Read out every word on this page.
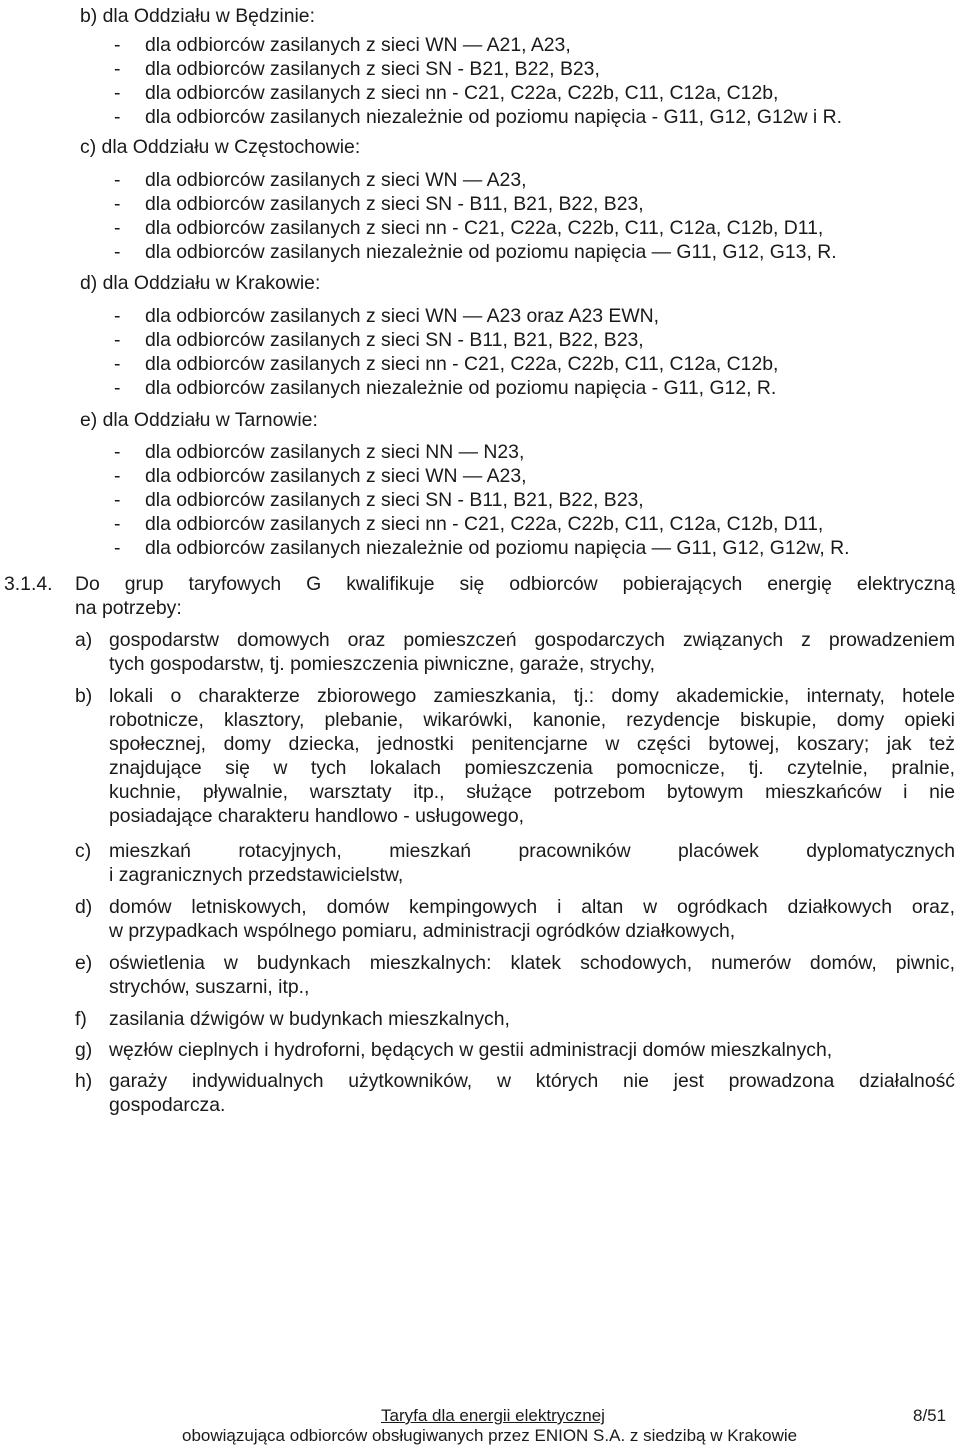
b) dla Oddziału w Będzinie:
- dla odbiorców zasilanych z sieci WN — A21, A23,
- dla odbiorców zasilanych z sieci SN - B21, B22, B23,
- dla odbiorców zasilanych z sieci nn - C21, C22a, C22b, C11, C12a, C12b,
- dla odbiorców zasilanych niezależnie od poziomu napięcia - G11, G12, G12w i R.
c) dla Oddziału w Częstochowie:
- dla odbiorców zasilanych z sieci WN — A23,
- dla odbiorców zasilanych z sieci SN - B11, B21, B22, B23,
- dla odbiorców zasilanych z sieci nn - C21, C22a, C22b, C11, C12a, C12b, D11,
- dla odbiorców zasilanych niezależnie od poziomu napięcia — G11, G12, G13, R.
d) dla Oddziału w Krakowie:
- dla odbiorców zasilanych z sieci WN — A23 oraz A23 EWN,
- dla odbiorców zasilanych z sieci SN - B11, B21, B22, B23,
- dla odbiorców zasilanych z sieci nn - C21, C22a, C22b, C11, C12a, C12b,
- dla odbiorców zasilanych niezależnie od poziomu napięcia - G11, G12, R.
e) dla Oddziału w Tarnowie:
- dla odbiorców zasilanych z sieci NN — N23,
- dla odbiorców zasilanych z sieci WN — A23,
- dla odbiorców zasilanych z sieci SN - B11, B21, B22, B23,
- dla odbiorców zasilanych z sieci nn - C21, C22a, C22b, C11, C12a, C12b, D11,
- dla odbiorców zasilanych niezależnie od poziomu napięcia — G11, G12, G12w, R.
3.1.4. Do grup taryfowych G kwalifikuje się odbiorców pobierających energię elektryczną
na potrzeby:
a) gospodarstw domowych oraz pomieszczeń gospodarczych związanych z prowadzeniem
tych gospodarstw, tj. pomieszczenia piwniczne, garaże, strychy,
b) lokali o charakterze zbiorowego zamieszkania, tj.: domy akademickie, internaty, hotele
robotnicze, klasztory, plebanie, wikarówki, kanonie, rezydencje biskupie, domy opieki
społecznej, domy dziecka, jednostki penitencjarne w części bytowej, koszary; jak też
znajdujące się w tych lokalach pomieszczenia pomocnicze, tj. czytelnie, pralnie,
kuchnie, pływalnie, warsztaty itp., służące potrzebom bytowym mieszkańców i nie
posiadające charakteru handlowo - usługowego,
c) mieszkań rotacyjnych, mieszkań pracowników placówek dyplomatycznych
i zagranicznych przedstawicielstw,
d) domów letniskowych, domów kempingowych i altan w ogródkach działkowych oraz,
w przypadkach wspólnego pomiaru, administracji ogródków działkowych,
e) oświetlenia w budynkach mieszkalnych: klatek schodowych, numerów domów, piwnic,
strychów, suszarni, itp.,
f) zasilania dźwigów w budynkach mieszkalnych,
g) węzłów cieplnych i hydroforni, będących w gestii administracji domów mieszkalnych,
h) garaży indywidualnych użytkowników, w których nie jest prowadzona działalność
gospodarcza.
Taryfa dla energii elektrycznej
obowiązująca odbiorców obsługiwanych przez ENION S.A. z siedzibą w Krakowie
8/51
